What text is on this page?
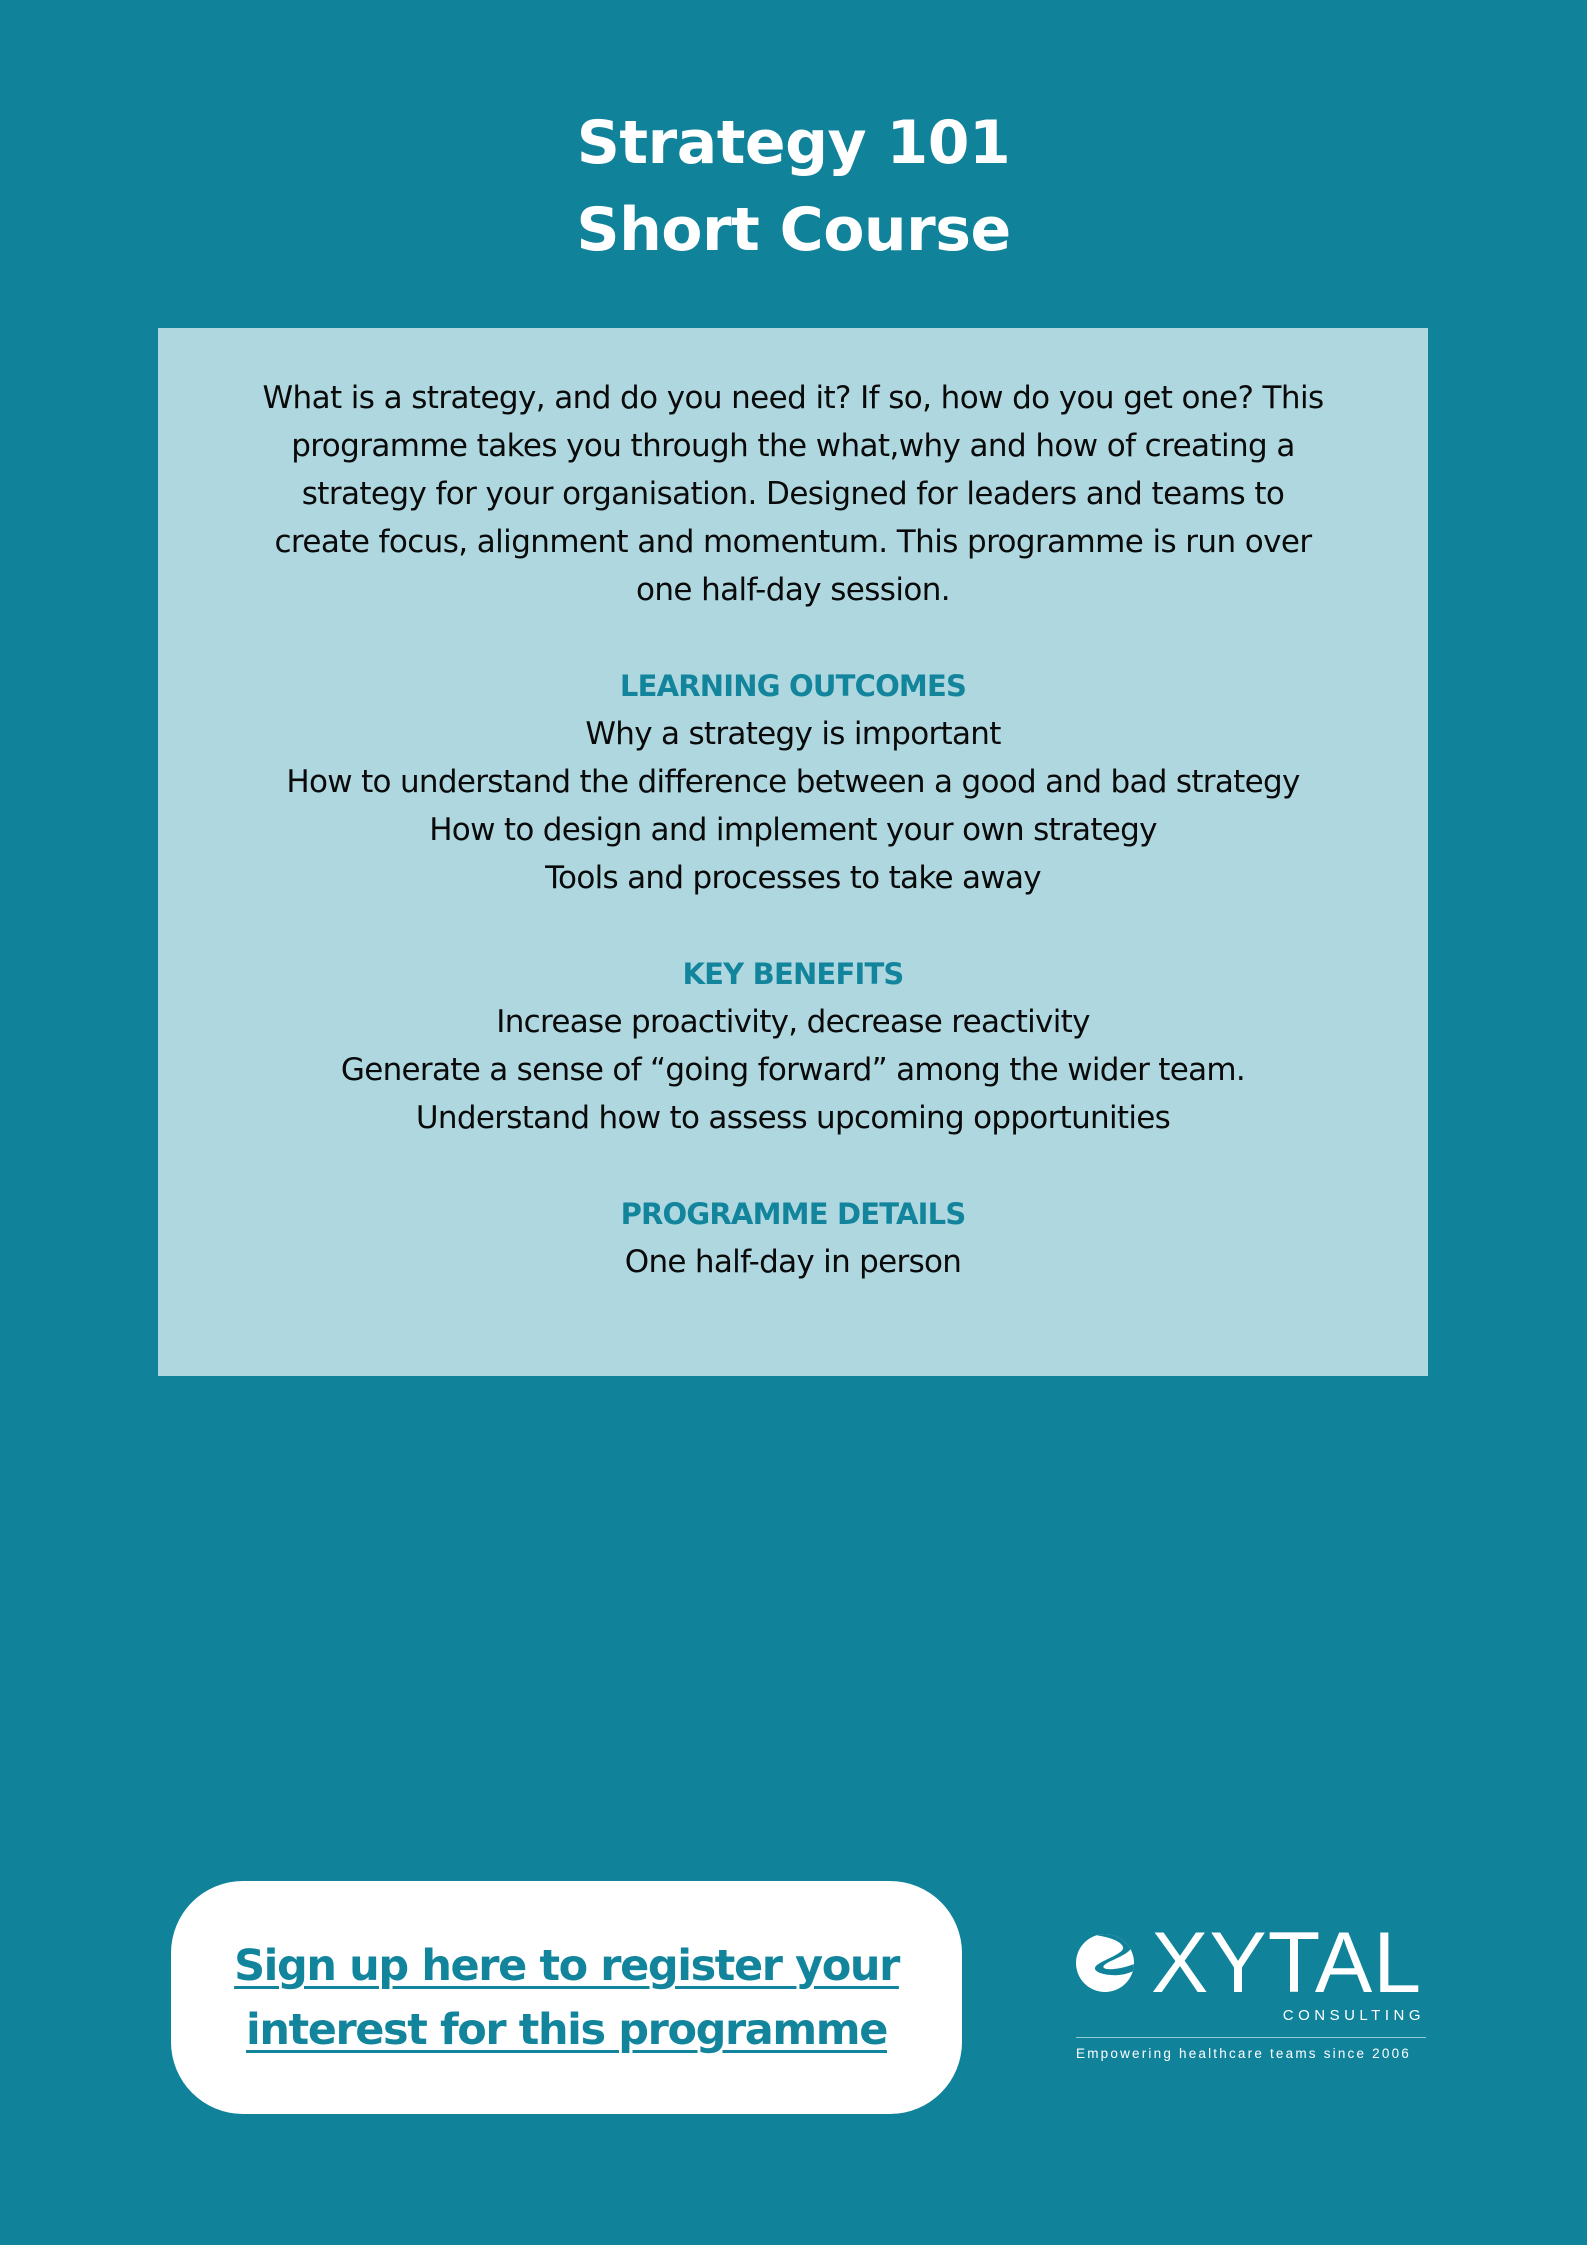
Strategy 101
Short Course
What is a strategy, and do you need it? If so, how do you get one? This
programme takes you through the what,why and how of creating a
strategy for your organisation. Designed for leaders and teams to
create focus, alignment and momentum. This programme is run over
one half-day session.
LEARNING OUTCOMES
Why a strategy is important
How to understand the difference between a good and bad strategy
How to design and implement your own strategy
Tools and processes to take away
KEY BENEFITS
Increase proactivity, decrease reactivity
Generate a sense of “going forward” among the wider team.
Understand how to assess upcoming opportunities
PROGRAMME DETAILS
One half-day in person
Sign up here to register your
interest for this programme
XYTAL
CONSULTING
Empowering healthcare teams since 2006
